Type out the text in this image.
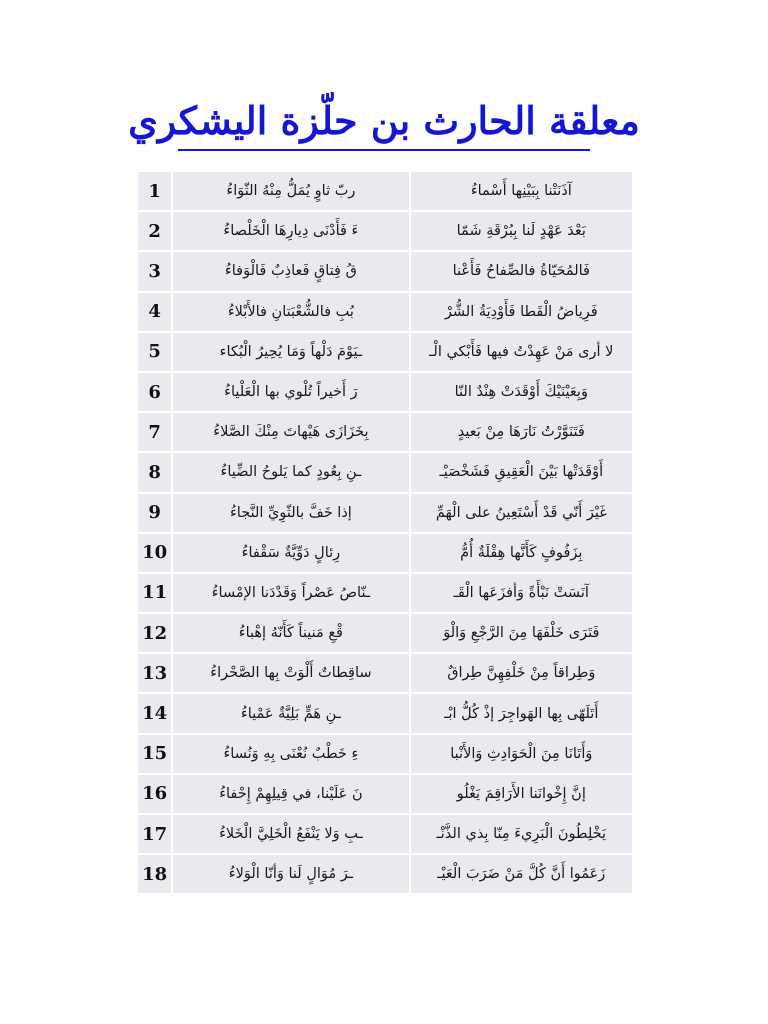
معلقة الحارث بن حلّزة اليشكري
1		ربّ ثاوٍ يُمَلُّ مِنْهُ الثّوَاءُ		آذَنَتْنا بِبَيْنِها أَسْماءُ
2		ءَ فَأَدْنَى دِيارِهَا الْخَلْصاءُ		بَعْدَ عَهْدٍ لَنا بِبُرْقَةِ شَمّا
3		قُ فِتاقٍ فَعاذِبٌ فَالْوَفاءُ		فَالمُحَيّاةُ فالصِّفاحُ فَأَعْنا
4		بُبِ فالشُّعْبَتانِ فالأَبْلاءُ		فَرِياضُ الْقَطا فَأَوْدِيَةُ الشُّرْ
5		ـيَوْمَ دَلْهاً وَمَا يُحِيرُ الْبُكاء		لا أرى مَنْ عَهِدْتُ فيها فَأَبْكي الْـ
6		رَ أَخيراً تُلْوي بها الْعَلْياءُ		وَبِعَيْنَيْكَ أَوْقَدَتْ هِنْدٌ النّا
7		بِخَزَازَى هَيْهاتَ مِنْكَ الصَّلاءُ		فَتَنَوَّرْتُ نَارَهَا مِنْ بَعيدٍ
8		ـنِ بِعُودٍ كما يَلوحُ الضِّياءُ		أَوْقَدَتْها بَيْنَ الْعَقِيقِ فَشَخْصَيْـ
9		إذا خَفَّ بالثّوِيِّ النَّجاءُ		غَيْرَ أَنّي قَدْ أَسْتَعِينُ على الْهَمِّ
10		رِئالٍ دَوِّيَّةٌ سَقْفاءُ		بِزَفُوفٍ كَأَنَّها هِقْلَةٌ أُمُّ
11		ـنّاصُ عَصْراً وَقَدْدَنا الإمْساءُ		آنَسَتْ نَبْأَةً وَأفزَعَها الْقَـ
12		قْعِ مَنيناً كَأَنّهُ إهْباءُ		فَتَرَى خَلْفَهَا مِنَ الرَّجْعِ وَالْوَ
13		ساقِطاتٌ أَلْوَتْ بِها الصَّحْراءُ		وَطِراقاً مِنْ خَلْفِهِنَّ طِراقٌ
14		ـنِ هَمٍّ بَلِيَّةٌ عَمْياءُ		أَتَلَهّى بِها الهَواجِرَ إذْ كُلُّ ابْـ
15		ءِ خَطْبٌ نُعْنَى بِهِ وَنُساءُ		وَأَتَانَا مِنَ الْحَوَادِثِ وَالأَنْبا
16		نَ عَلَيْنا، في قِيلِهِمْ إِحْفاءُ		إنَّ إِخْوانَنا الأَرَاقِمَ يَغْلُو
17		ـبِ وَلا يَنْفَعُ الْخَلِيَّ الْخَلاءُ		يَخْلِطُونَ الْبَرِيءَ مِنّا بِذي الذَّنْـ
18		ـرَ مُوَالٍ لَنا وَأنّا الْوَلاءُ		زَعَمُوا أَنَّ كُلَّ مَنْ ضَرَبَ الْعَيْـ
